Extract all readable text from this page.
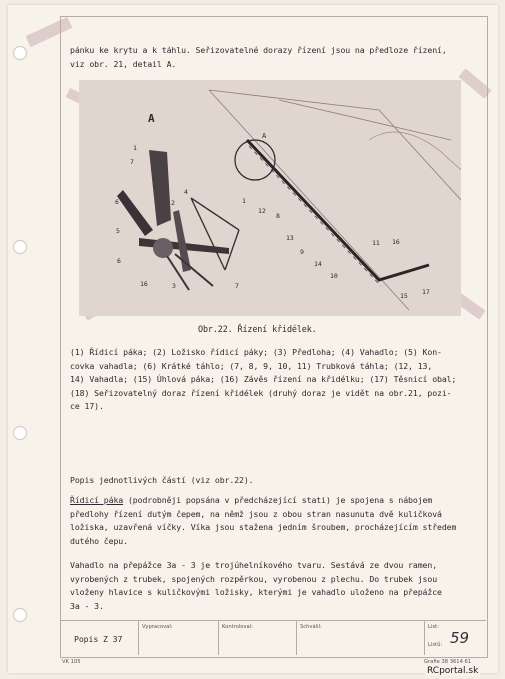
pánku ke krytu a k táhlu. Seřizovatelné dorazy řízení jsou na předloze řízení,
viz obr. 21, detail A.
A
A
1
7
2
6
5
6
16	3	7
4
1
12
8
13
9
14
10
11 16
15 17
Obr.22. Řízení křidélek.
(1) Řídicí páka; (2) Ložisko řídicí páky; (3) Předloha; (4) Vahadlo; (5) Kon-
covka vahadla; (6) Krátké táhlo; (7, 8, 9, 10, 11) Trubková táhla; (12, 13,
14) Vahadla; (15) Úhlová páka; (16) Závěs řízení na křidélku; (17) Těsnicí obal;
(18) Seřizovatelný doraz řízení křidélek (druhý doraz je vidět na obr.21, pozi-
ce 17).
Popis jednotlivých částí (viz obr.22).
Řídicí páka (podrobněji popsána v předcházející stati) je spojena s nábojem
předlohy řízení dutým čepem, na němž jsou z obou stran nasunuta dvě kuličková
ložiska, uzavřená víčky. Víka jsou stažena jedním šroubem, procházejícím středem
dutého čepu.
Vahadlo na přepážce 3a - 3 je trojúhelníkového tvaru. Sestává ze dvou ramen,
vyrobených z trubek, spojených rozpěrkou, vyrobenou z plechu. Do trubek jsou
vloženy hlavice s kuličkovými ložisky, kterými je vahadlo uloženo na přepážce
3a - 3.
Popis Z 37
Vypracoval:	Kontroloval:	Schválil:	List:
Listů: 59
VK 105	Grafie 38 3614 61
RCportal.sk
